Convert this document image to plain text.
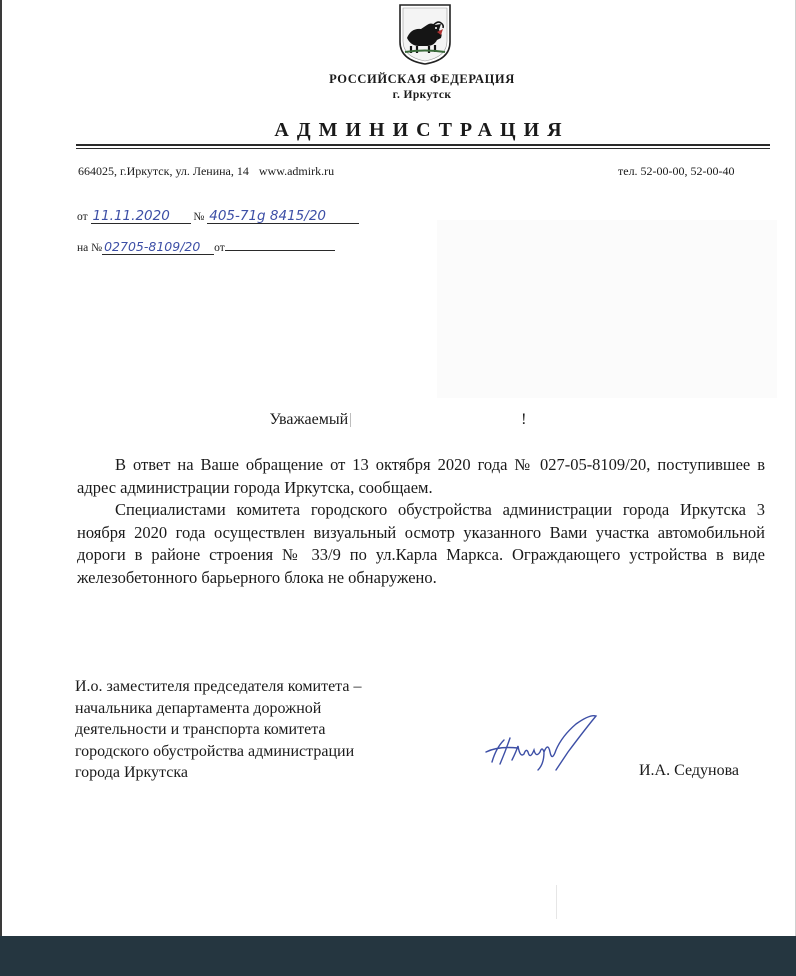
РОССИЙСКАЯ ФЕДЕРАЦИЯ
г. Иркутск
АДМИНИСТРАЦИЯ
664025, г.Иркутск, ул. Ленина, 14 www.admirk.ru	тел. 52-00-00, 52-00-40
от 11.11.2020 № 405-71g 8415/20
на № 02705-8109/20 от
Уважаемый	!

В ответ на Ваше обращение от 13 октября 2020 года № 027-05-8109/20, поступившее в адрес администрации города Иркутска, сообщаем.

Специалистами комитета городского обустройства администрации города Иркутска 3 ноября 2020 года осуществлен визуальный осмотр указанного Вами участка автомобильной дороги в районе строения № 33/9 по ул.Карла Маркса. Ограждающего устройства в виде железобетонного барьерного блока не обнаружено.

И.о. заместителя председателя комитета –
начальника департамента дорожной
деятельности и транспорта комитета
городского обустройства администрации
города Иркутска	И.А. Седунова
